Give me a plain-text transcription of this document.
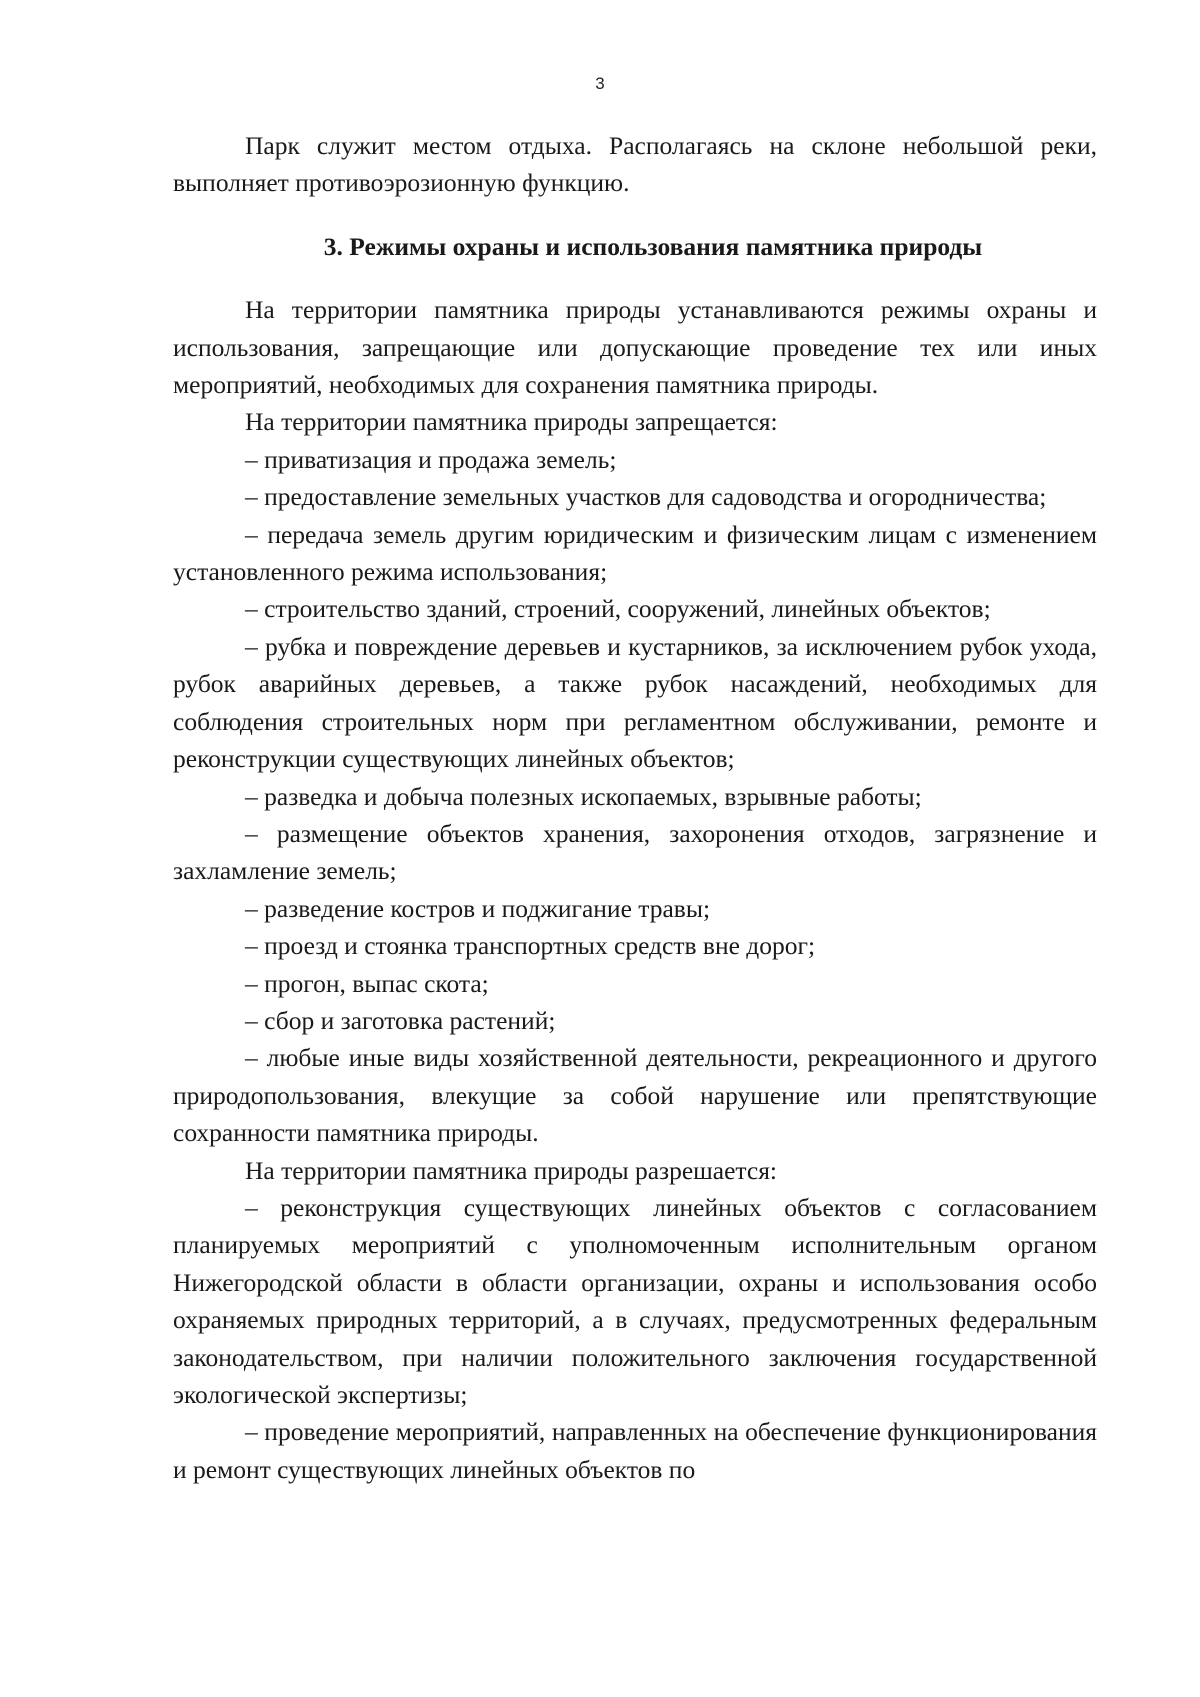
3

Парк служит местом отдыха. Располагаясь на склоне небольшой реки, выполняет противоэрозионную функцию.

3. Режимы охраны и использования памятника природы

На территории памятника природы устанавливаются режимы охраны и использования, запрещающие или допускающие проведение тех или иных мероприятий, необходимых для сохранения памятника природы.

На территории памятника природы запрещается:

– приватизация и продажа земель;

– предоставление земельных участков для садоводства и огородничества;

– передача земель другим юридическим и физическим лицам с изменением установленного режима использования;

– строительство зданий, строений, сооружений, линейных объектов;

– рубка и повреждение деревьев и кустарников, за исключением рубок ухода, рубок аварийных деревьев, а также рубок насаждений, необходимых для соблюдения строительных норм при регламентном обслуживании, ремонте и реконструкции существующих линейных объектов;

– разведка и добыча полезных ископаемых, взрывные работы;

– размещение объектов хранения, захоронения отходов, загрязнение и захламление земель;

– разведение костров и поджигание травы;

– проезд и стоянка транспортных средств вне дорог;

– прогон, выпас скота;

– сбор и заготовка растений;

– любые иные виды хозяйственной деятельности, рекреационного и другого природопользования, влекущие за собой нарушение или препятствующие сохранности памятника природы.

На территории памятника природы разрешается:

– реконструкция существующих линейных объектов с согласованием планируемых мероприятий с уполномоченным исполнительным органом Нижегородской области в области организации, охраны и использования особо охраняемых природных территорий, а в случаях, предусмотренных федеральным законодательством, при наличии положительного заключения государственной экологической экспертизы;

– проведение мероприятий, направленных на обеспечение функционирования и ремонт существующих линейных объектов по
